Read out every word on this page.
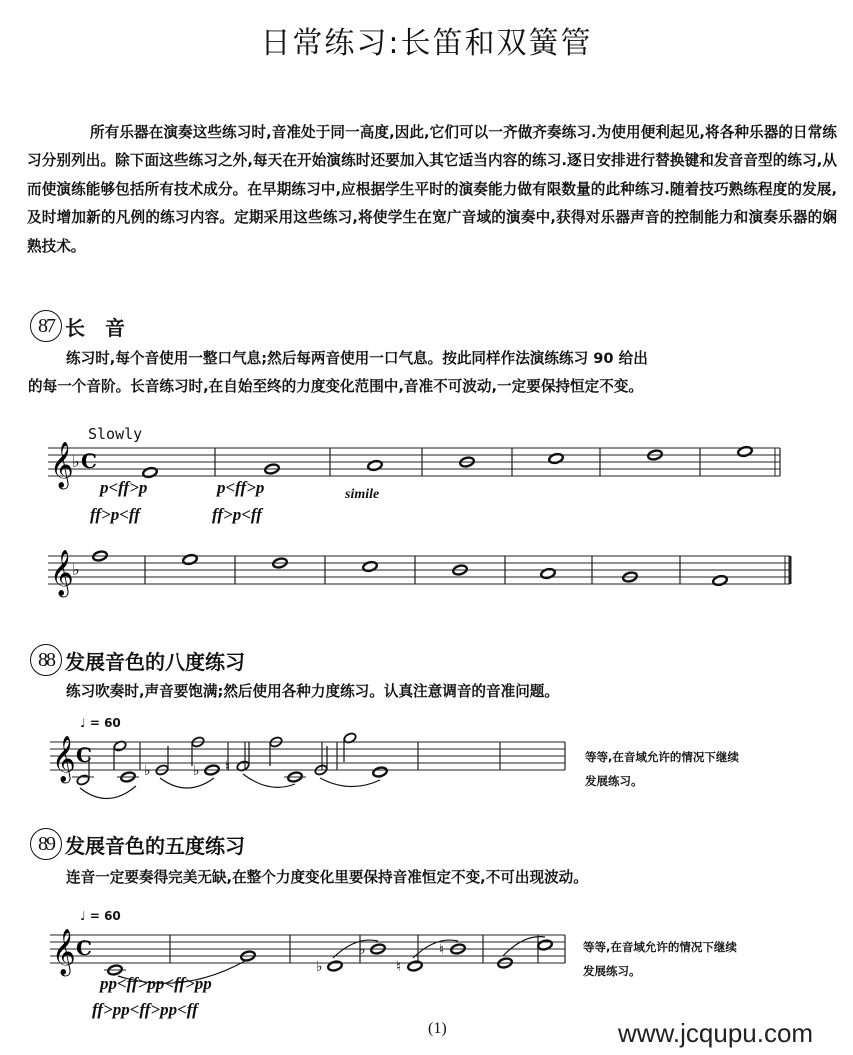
日常练习:长笛和双簧管
所有乐器在演奏这些练习时,音准处于同一高度,因此,它们可以一齐做齐奏练习.为使用便利起见,将各种乐器的日常练习分别列出。除下面这些练习之外,每天在开始演练时还要加入其它适当内容的练习.逐日安排进行替换键和发音音型的练习,从而使演练能够包括所有技术成分。在早期练习中,应根据学生平时的演奏能力做有限数量的此种练习.随着技巧熟练程度的发展,及时增加新的凡例的练习内容。定期采用这些练习,将使学生在宽广音域的演奏中,获得对乐器声音的控制能力和演奏乐器的娴熟技术。
87 长　音
练习时,每个音使用一整口气息;然后每两音使用一口气息。按此同样作法演练练习 90 给出
的每一个音阶。长音练习时,在自始至终的力度变化范围中,音准不可波动,一定要保持恒定不变。
Slowly
p<ff>p	p<ff>p
ff>p<ff	ff>p<ff
simile
88 发展音色的八度练习
练习吹奏时,声音要饱满;然后使用各种力度练习。认真注意调音的音准问题。
♩ = 60
等等,在音域允许的情况下继续
发展练习。
89 发展音色的五度练习
连音一定要奏得完美无缺,在整个力度变化里要保持音准恒定不变,不可出现波动。
♩ = 60
pp<ff>pp<ff>pp
ff>pp<ff>pp<ff
等等,在音域允许的情况下继续
发展练习。
(1)	www.jcqupu.com
𝄞
♭ C
𝄞
♭
𝄞 C
♭	♭ ♮
𝄞 C
♭
♭
♮
♮
